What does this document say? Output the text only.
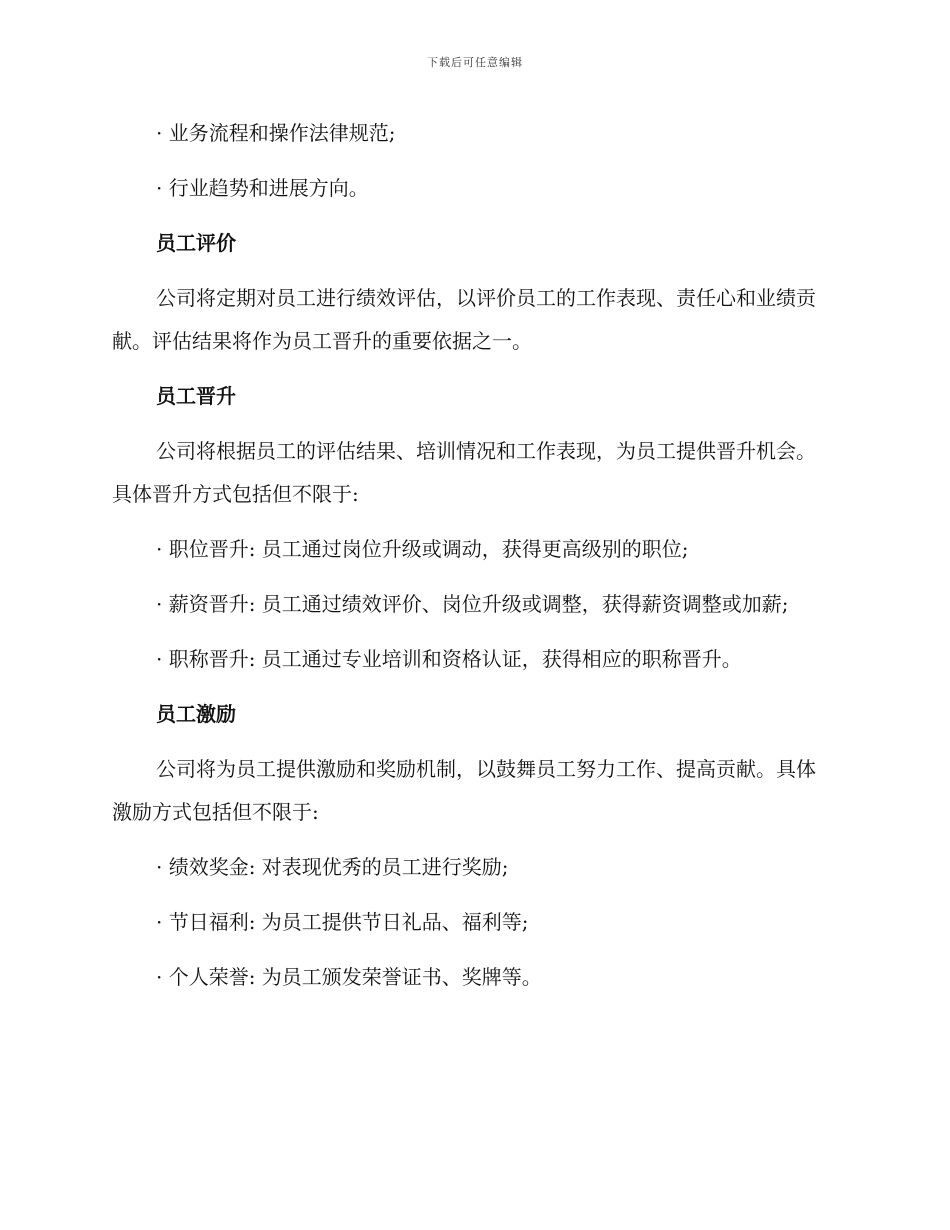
下载后可任意编辑

· 业务流程和操作法律规范;

· 行业趋势和进展方向。

员工评价

公司将定期对员工进行绩效评估，以评价员工的工作表现、责任心和业绩贡献。评估结果将作为员工晋升的重要依据之一。

员工晋升

公司将根据员工的评估结果、培训情况和工作表现，为员工提供晋升机会。具体晋升方式包括但不限于:

· 职位晋升: 员工通过岗位升级或调动，获得更高级别的职位;

· 薪资晋升: 员工通过绩效评价、岗位升级或调整，获得薪资调整或加薪;

· 职称晋升: 员工通过专业培训和资格认证，获得相应的职称晋升。

员工激励

公司将为员工提供激励和奖励机制，以鼓舞员工努力工作、提高贡献。具体激励方式包括但不限于:

· 绩效奖金: 对表现优秀的员工进行奖励;

· 节日福利: 为员工提供节日礼品、福利等;

· 个人荣誉: 为员工颁发荣誉证书、奖牌等。
